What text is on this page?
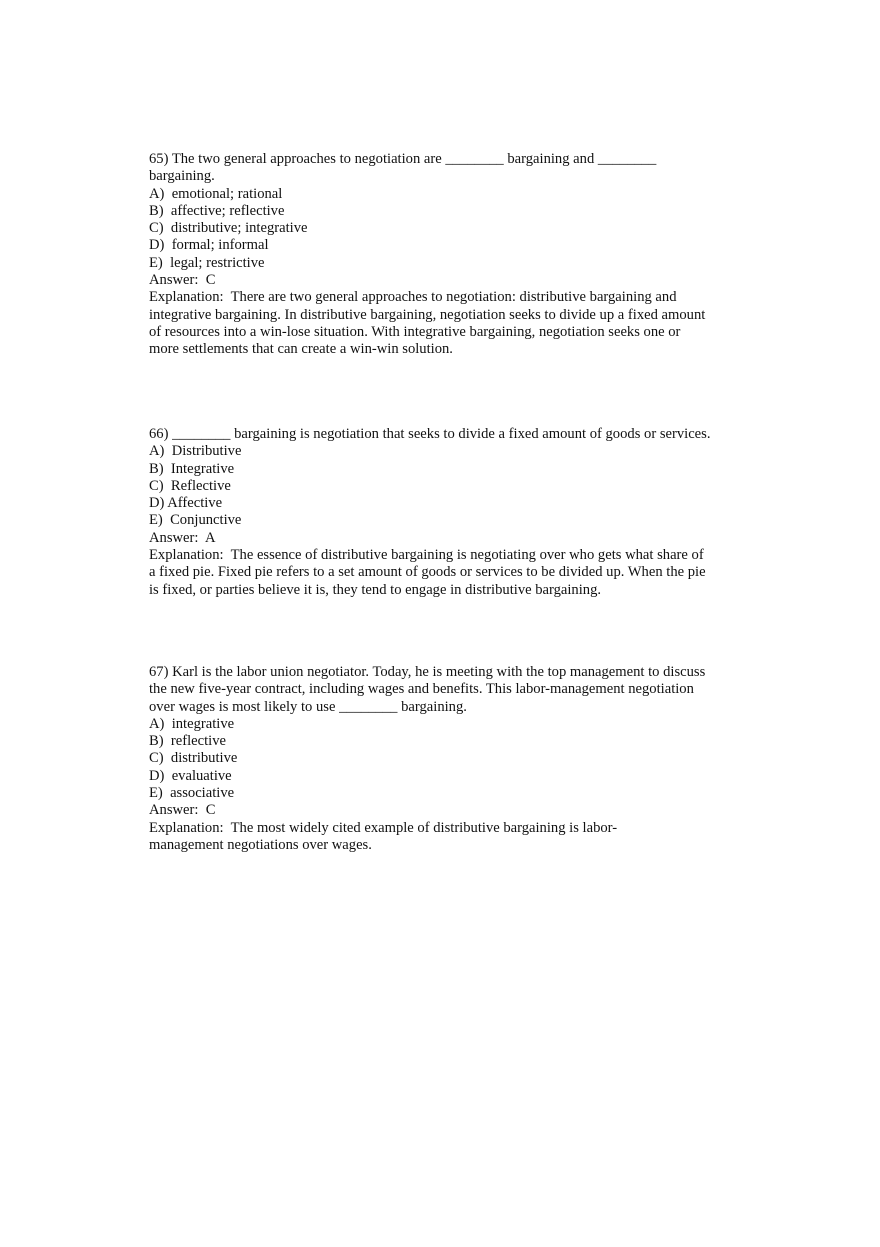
65) The two general approaches to negotiation are ________ bargaining and ________
bargaining.
A)  emotional; rational
B)  affective; reflective
C)  distributive; integrative
D)  formal; informal
E)  legal; restrictive
Answer:  C
Explanation:  There are two general approaches to negotiation: distributive bargaining and
integrative bargaining. In distributive bargaining, negotiation seeks to divide up a fixed amount
of resources into a win-lose situation. With integrative bargaining, negotiation seeks one or
more settlements that can create a win-win solution.
66) ________ bargaining is negotiation that seeks to divide a fixed amount of goods or services.
A)  Distributive
B)  Integrative
C)  Reflective
D) Affective
E)  Conjunctive
Answer:  A
Explanation:  The essence of distributive bargaining is negotiating over who gets what share of
a fixed pie. Fixed pie refers to a set amount of goods or services to be divided up. When the pie
is fixed, or parties believe it is, they tend to engage in distributive bargaining.
67) Karl is the labor union negotiator. Today, he is meeting with the top management to discuss
the new five-year contract, including wages and benefits. This labor-management negotiation
over wages is most likely to use ________ bargaining.
A)  integrative
B)  reflective
C)  distributive
D)  evaluative
E)  associative
Answer:  C
Explanation:  The most widely cited example of distributive bargaining is labor-
management negotiations over wages.
